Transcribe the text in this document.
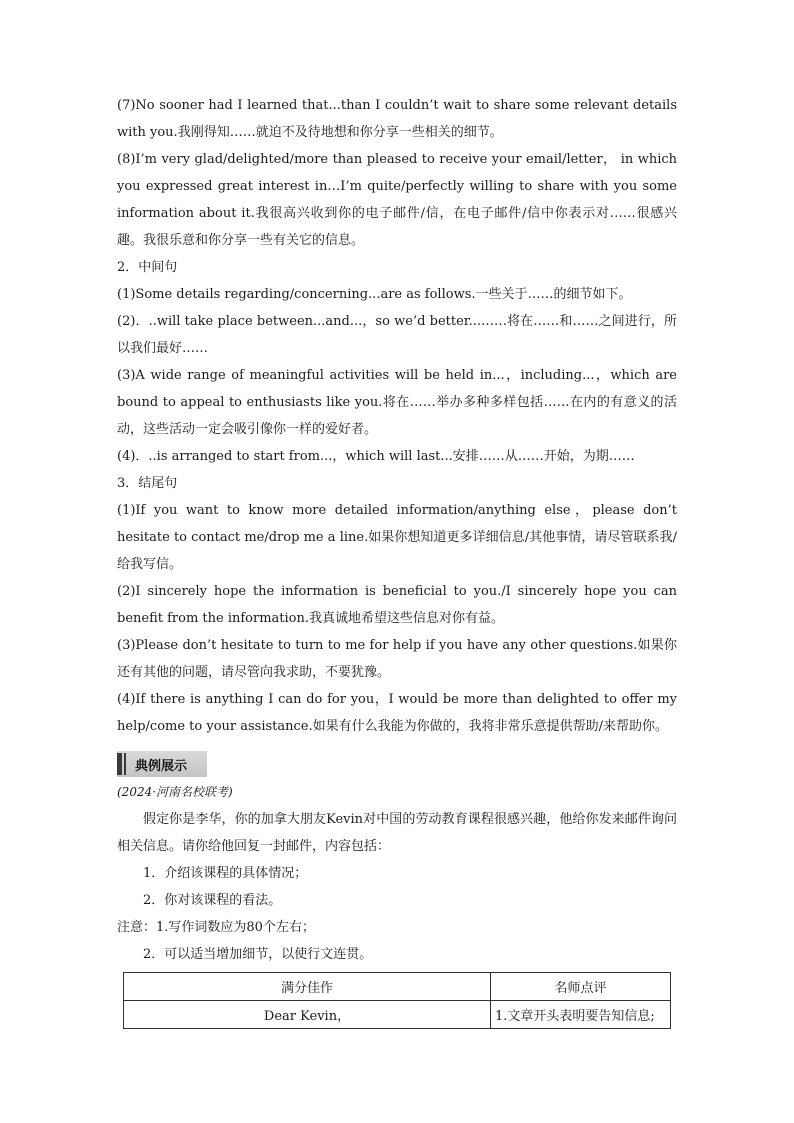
(7)No sooner had I learned that...than I couldn’t wait to share some relevant details with you.我刚得知……就迫不及待地想和你分享一些相关的细节。

(8)I’m very glad/delighted/more than pleased to receive your email/letter， in which you expressed great interest in…I’m quite/perfectly willing to share with you some information about it.我很高兴收到你的电子邮件/信，在电子邮件/信中你表示对……很感兴趣。我很乐意和你分享一些有关它的信息。

2．中间句

(1)Some details regarding/concerning...are as follows.一些关于……的细节如下。

(2)．..will take place between...and...，so we’d better...……将在……和……之间进行，所以我们最好……

(3)A wide range of meaningful activities will be held in...，including...，which are bound to appeal to enthusiasts like you.将在……举办多种多样包括……在内的有意义的活动，这些活动一定会吸引像你一样的爱好者。

(4)．..is arranged to start from...，which will last...安排……从……开始，为期……

3．结尾句

(1)If you want to know more detailed information/anything else，please don’t hesitate to contact me/drop me a line.如果你想知道更多详细信息/其他事情，请尽管联系我/给我写信。

(2)I sincerely hope the information is beneficial to you./I sincerely hope you can benefit from the information.我真诚地希望这些信息对你有益。

(3)Please don’t hesitate to turn to me for help if you have any other questions.如果你还有其他的问题，请尽管向我求助，不要犹豫。

(4)If there is anything I can do for you，I would be more than delighted to offer my help/come to your assistance.如果有什么我能为你做的，我将非常乐意提供帮助/来帮助你。

典例展示

(2024·河南名校联考)

假定你是李华，你的加拿大朋友Kevin对中国的劳动教育课程很感兴趣，他给你发来邮件询问相关信息。请你给他回复一封邮件，内容包括：

1．介绍该课程的具体情况；

2．你对该课程的看法。

注意：1.写作词数应为80个左右；

2．可以适当增加细节，以使行文连贯。

满分佳作	名师点评
Dear Kevin，	1.文章开头表明要告知信息;
